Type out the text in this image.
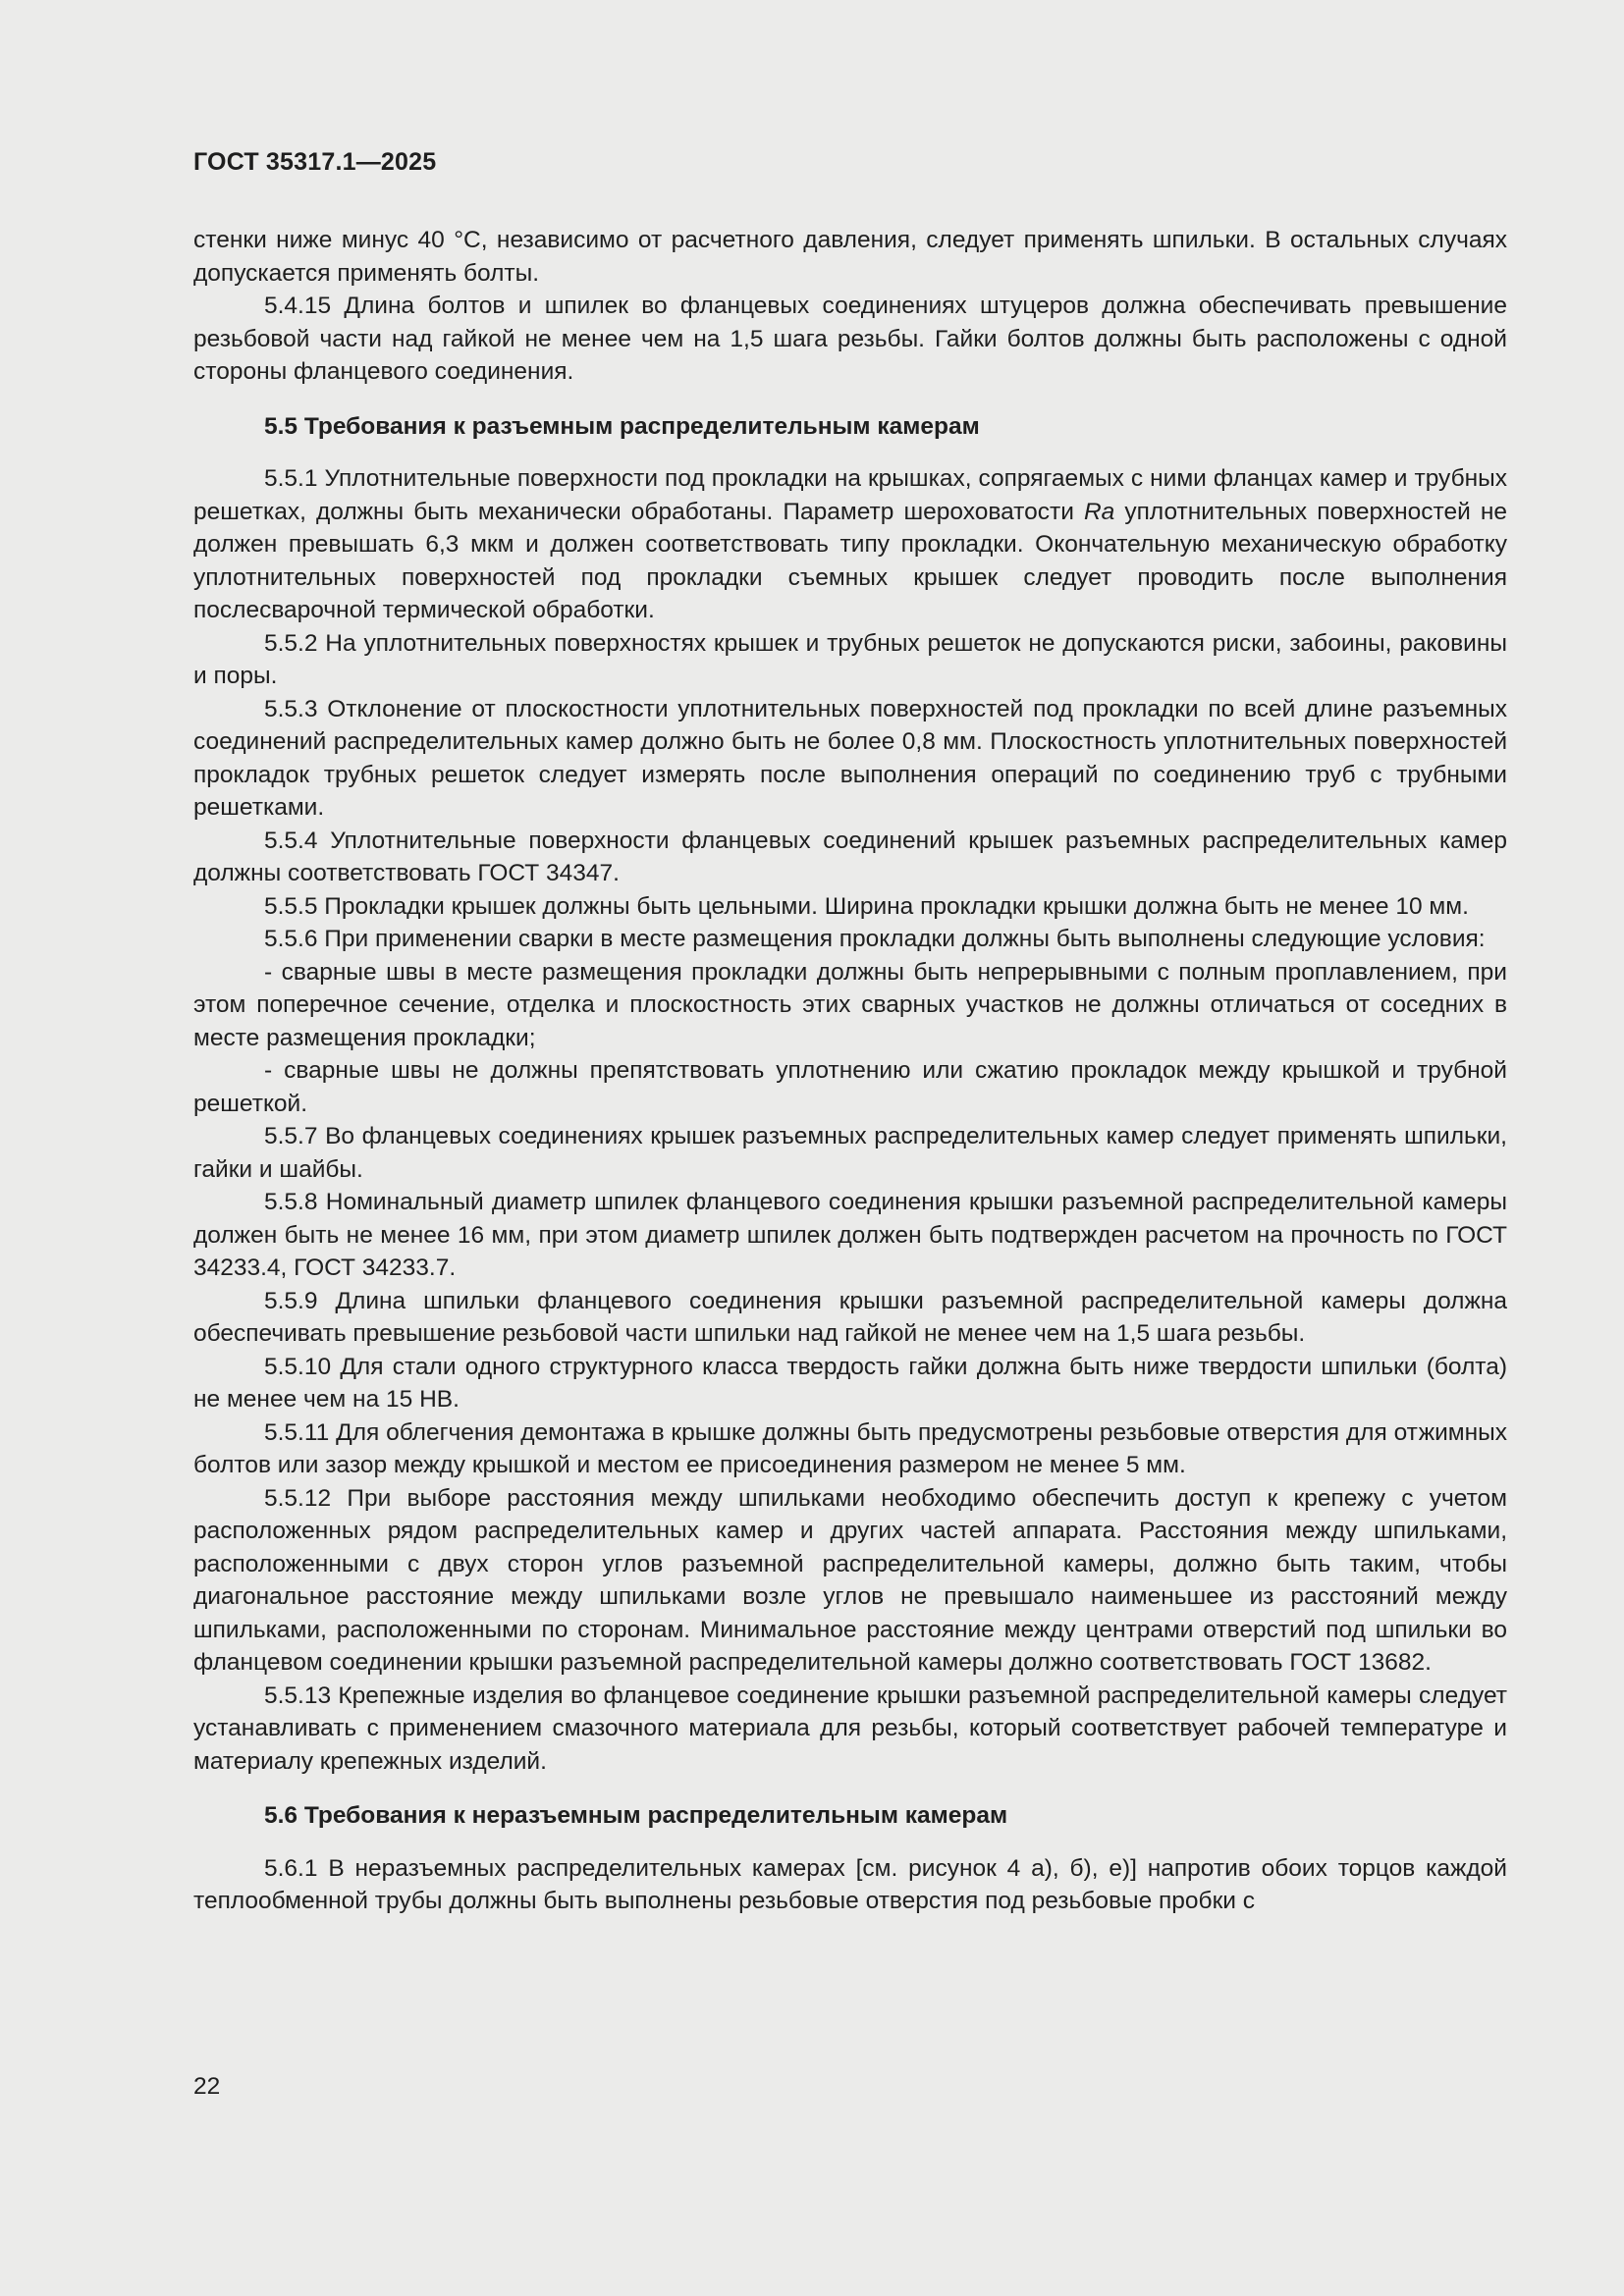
ГОСТ 35317.1—2025

стенки ниже минус 40 °С, независимо от расчетного давления, следует применять шпильки. В остальных случаях допускается применять болты.

5.4.15 Длина болтов и шпилек во фланцевых соединениях штуцеров должна обеспечивать превышение резьбовой части над гайкой не менее чем на 1,5 шага резьбы. Гайки болтов должны быть расположены с одной стороны фланцевого соединения.

5.5 Требования к разъемным распределительным камерам

5.5.1 Уплотнительные поверхности под прокладки на крышках, сопрягаемых с ними фланцах камер и трубных решетках, должны быть механически обработаны. Параметр шероховатости Ra уплотнительных поверхностей не должен превышать 6,3 мкм и должен соответствовать типу прокладки. Окончательную механическую обработку уплотнительных поверхностей под прокладки съемных крышек следует проводить после выполнения послесварочной термической обработки.

5.5.2 На уплотнительных поверхностях крышек и трубных решеток не допускаются риски, забоины, раковины и поры.

5.5.3 Отклонение от плоскостности уплотнительных поверхностей под прокладки по всей длине разъемных соединений распределительных камер должно быть не более 0,8 мм. Плоскостность уплотнительных поверхностей прокладок трубных решеток следует измерять после выполнения операций по соединению труб с трубными решетками.

5.5.4 Уплотнительные поверхности фланцевых соединений крышек разъемных распределительных камер должны соответствовать ГОСТ 34347.

5.5.5 Прокладки крышек должны быть цельными. Ширина прокладки крышки должна быть не менее 10 мм.

5.5.6 При применении сварки в месте размещения прокладки должны быть выполнены следующие условия:

- сварные швы в месте размещения прокладки должны быть непрерывными с полным проплавлением, при этом поперечное сечение, отделка и плоскостность этих сварных участков не должны отличаться от соседних в месте размещения прокладки;

- сварные швы не должны препятствовать уплотнению или сжатию прокладок между крышкой и трубной решеткой.

5.5.7 Во фланцевых соединениях крышек разъемных распределительных камер следует применять шпильки, гайки и шайбы.

5.5.8 Номинальный диаметр шпилек фланцевого соединения крышки разъемной распределительной камеры должен быть не менее 16 мм, при этом диаметр шпилек должен быть подтвержден расчетом на прочность по ГОСТ 34233.4, ГОСТ 34233.7.

5.5.9 Длина шпильки фланцевого соединения крышки разъемной распределительной камеры должна обеспечивать превышение резьбовой части шпильки над гайкой не менее чем на 1,5 шага резьбы.

5.5.10 Для стали одного структурного класса твердость гайки должна быть ниже твердости шпильки (болта) не менее чем на 15 НВ.

5.5.11 Для облегчения демонтажа в крышке должны быть предусмотрены резьбовые отверстия для отжимных болтов или зазор между крышкой и местом ее присоединения размером не менее 5 мм.

5.5.12 При выборе расстояния между шпильками необходимо обеспечить доступ к крепежу с учетом расположенных рядом распределительных камер и других частей аппарата. Расстояния между шпильками, расположенными с двух сторон углов разъемной распределительной камеры, должно быть таким, чтобы диагональное расстояние между шпильками возле углов не превышало наименьшее из расстояний между шпильками, расположенными по сторонам. Минимальное расстояние между центрами отверстий под шпильки во фланцевом соединении крышки разъемной распределительной камеры должно соответствовать ГОСТ 13682.

5.5.13 Крепежные изделия во фланцевое соединение крышки разъемной распределительной камеры следует устанавливать с применением смазочного материала для резьбы, который соответствует рабочей температуре и материалу крепежных изделий.

5.6 Требования к неразъемным распределительным камерам

5.6.1 В неразъемных распределительных камерах [см. рисунок 4 а), б), е)] напротив обоих торцов каждой теплообменной трубы должны быть выполнены резьбовые отверстия под резьбовые пробки с

22
